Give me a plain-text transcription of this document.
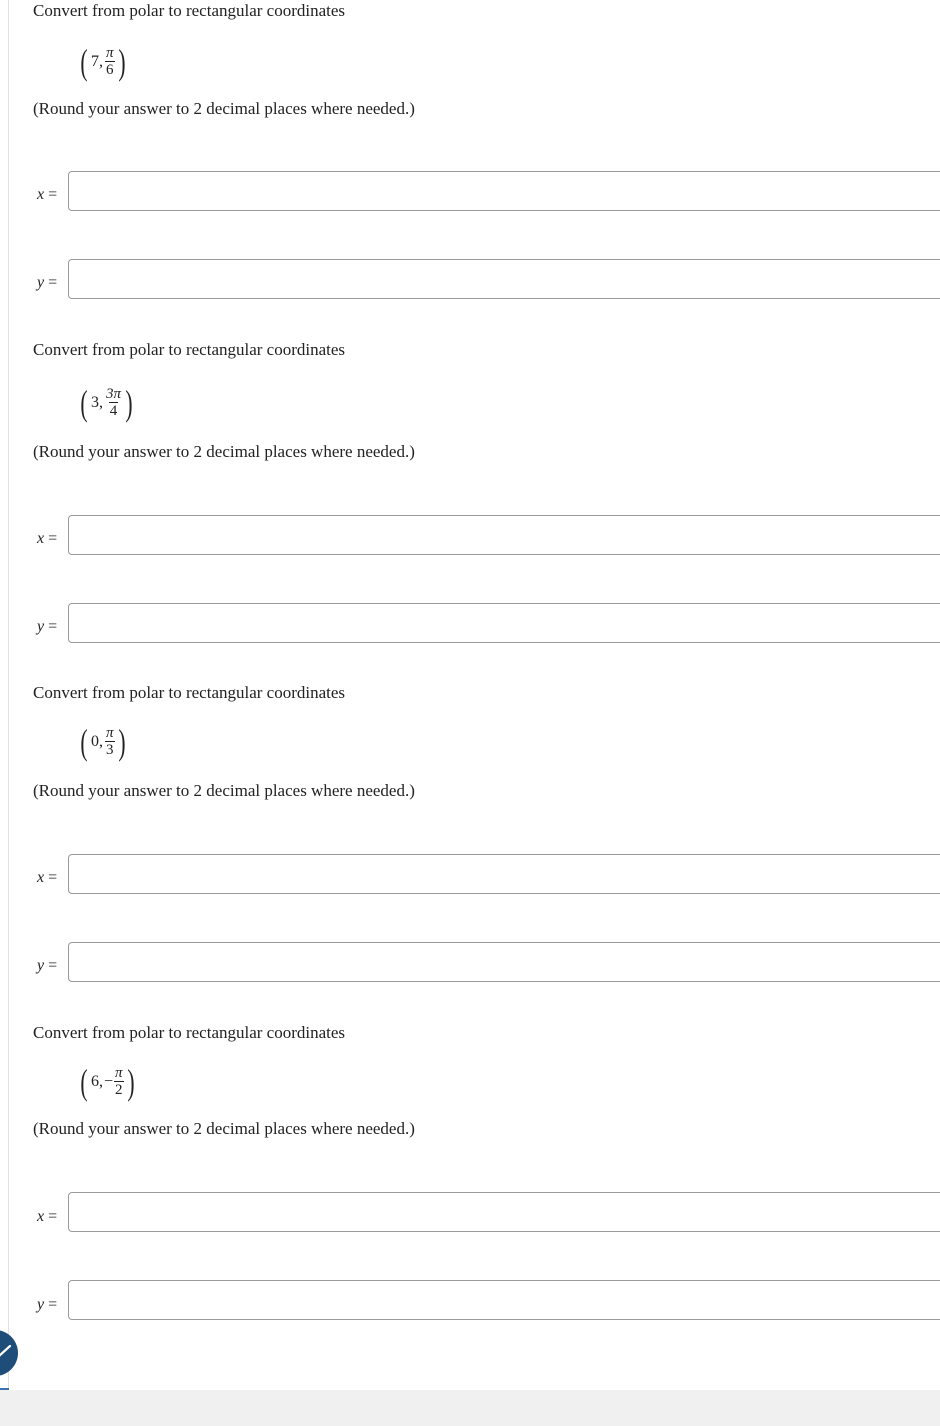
Convert from polar to rectangular coordinates
( 7, $\frac{\pi}{6}$ )
(Round your answer to 2 decimal places where needed.)
x =
y =
Convert from polar to rectangular coordinates
( 3, $\frac{3\pi}{4}$ )
(Round your answer to 2 decimal places where needed.)
x =
y =
Convert from polar to rectangular coordinates
( 0, $\frac{\pi}{3}$ )
(Round your answer to 2 decimal places where needed.)
x =
y =
Convert from polar to rectangular coordinates
( 6, − $\frac{\pi}{2}$ )
(Round your answer to 2 decimal places where needed.)
x =
y =
